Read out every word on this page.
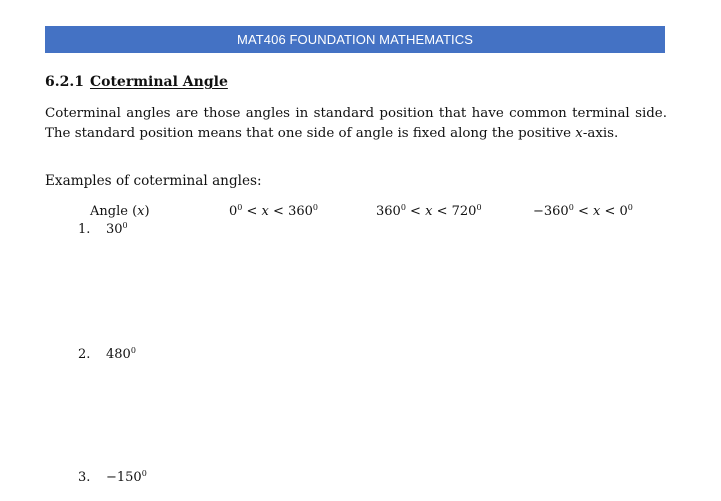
MAT406 FOUNDATION MATHEMATICS
6.2.1 Coterminal Angle
Coterminal angles are those angles in standard position that have common terminal side. The standard position means that one side of angle is fixed along the positive x-axis.
Examples of coterminal angles:
Angle (x)	$0^0 < x < 360^0$	$360^0 < x < 720^0$	$-360^0 < x < 0^0$
1.	$30^0$
2.	$480^0$
3.	$-150^0$
